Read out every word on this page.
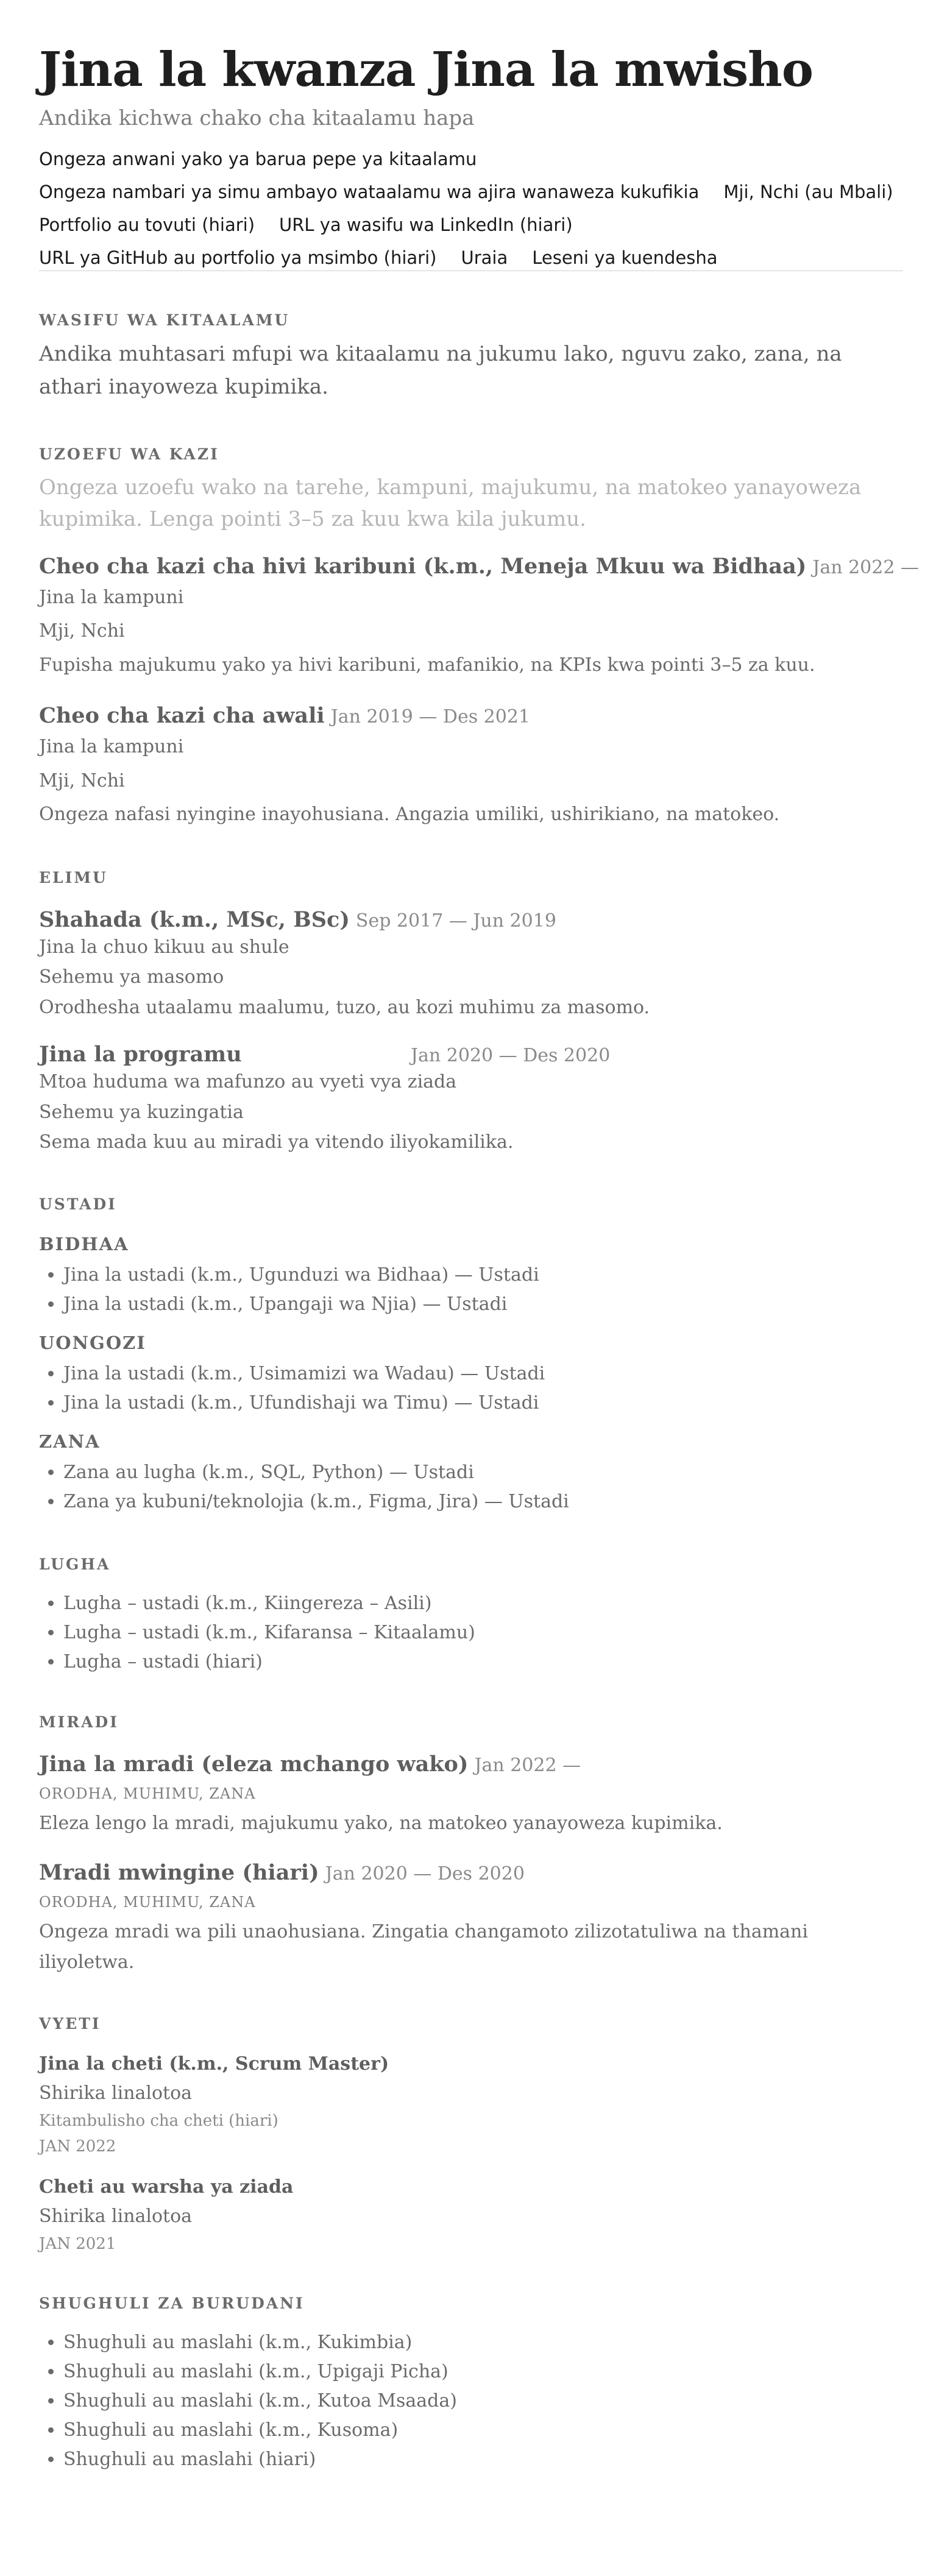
Jina la kwanza Jina la mwisho
Andika kichwa chako cha kitaalamu hapa
Ongeza anwani yako ya barua pepe ya kitaalamu
Ongeza nambari ya simu ambayo wataalamu wa ajira wanaweza kukufikia Mji, Nchi (au Mbali)
Portfolio au tovuti (hiari) URL ya wasifu wa LinkedIn (hiari)
URL ya GitHub au portfolio ya msimbo (hiari) Uraia Leseni ya kuendesha
WASIFU WA KITAALAMU

Andika muhtasari mfupi wa kitaalamu na jukumu lako, nguvu zako, zana, na athari inayoweza kupimika.

UZOEFU WA KAZI

Ongeza uzoefu wako na tarehe, kampuni, majukumu, na matokeo yanayoweza kupimika. Lenga pointi 3–5 za kuu kwa kila jukumu.

Cheo cha kazi cha hivi karibuni (k.m., Meneja Mkuu wa Bidhaa) Jan 2022 —
Jina la kampuni
Mji, Nchi
Fupisha majukumu yako ya hivi karibuni, mafanikio, na KPIs kwa pointi 3–5 za kuu.
Cheo cha kazi cha awali Jan 2019 — Des 2021
Jina la kampuni
Mji, Nchi
Ongeza nafasi nyingine inayohusiana. Angazia umiliki, ushirikiano, na matokeo.
ELIMU
Shahada (k.m., MSc, BSc) Sep 2017 — Jun 2019
Jina la chuo kikuu au shule
Sehemu ya masomo
Orodhesha utaalamu maalumu, tuzo, au kozi muhimu za masomo.
Jina la programu	Jan 2020 — Des 2020
Mtoa huduma wa mafunzo au vyeti vya ziada
Sehemu ya kuzingatia
Sema mada kuu au miradi ya vitendo iliyokamilika.
USTADI
BIDHAA
• Jina la ustadi (k.m., Ugunduzi wa Bidhaa) — Ustadi
• Jina la ustadi (k.m., Upangaji wa Njia) — Ustadi
UONGOZI
• Jina la ustadi (k.m., Usimamizi wa Wadau) — Ustadi
• Jina la ustadi (k.m., Ufundishaji wa Timu) — Ustadi
ZANA
• Zana au lugha (k.m., SQL, Python) — Ustadi
• Zana ya kubuni/teknolojia (k.m., Figma, Jira) — Ustadi
LUGHA
• Lugha – ustadi (k.m., Kiingereza – Asili)
• Lugha – ustadi (k.m., Kifaransa – Kitaalamu)
• Lugha – ustadi (hiari)
MIRADI
Jina la mradi (eleza mchango wako) Jan 2022 —
ORODHA, MUHIMU, ZANA
Eleza lengo la mradi, majukumu yako, na matokeo yanayoweza kupimika.
Mradi mwingine (hiari) Jan 2020 — Des 2020
ORODHA, MUHIMU, ZANA
Ongeza mradi wa pili unaohusiana. Zingatia changamoto zilizotatuliwa na thamani iliyoletwa.
VYETI
Jina la cheti (k.m., Scrum Master)
Shirika linalotoa
Kitambulisho cha cheti (hiari)
JAN 2022
Cheti au warsha ya ziada
Shirika linalotoa
JAN 2021
SHUGHULI ZA BURUDANI
• Shughuli au maslahi (k.m., Kukimbia)
• Shughuli au maslahi (k.m., Upigaji Picha)
• Shughuli au maslahi (k.m., Kutoa Msaada)
• Shughuli au maslahi (k.m., Kusoma)
• Shughuli au maslahi (hiari)
